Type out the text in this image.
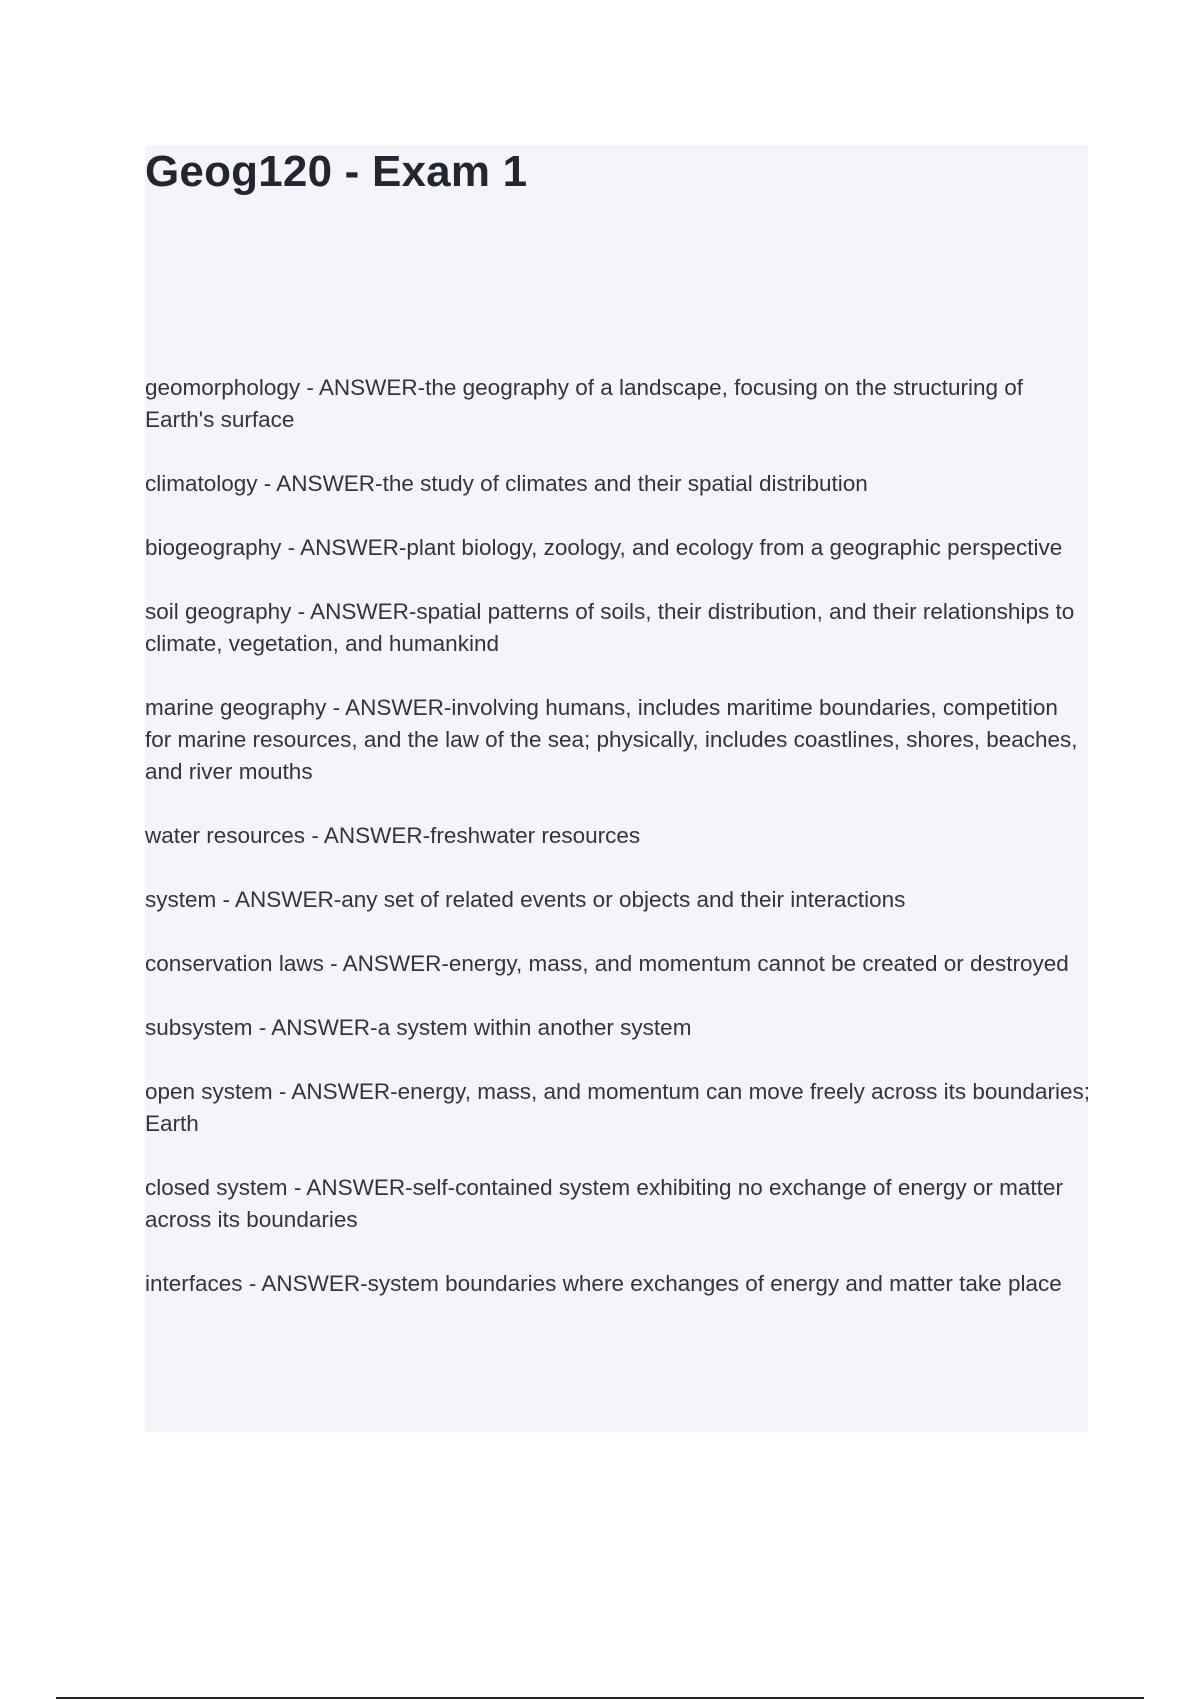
Geog120 - Exam 1
geomorphology - ANSWER-the geography of a landscape, focusing on the structuring of Earth's surface
climatology - ANSWER-the study of climates and their spatial distribution
biogeography - ANSWER-plant biology, zoology, and ecology from a geographic perspective
soil geography - ANSWER-spatial patterns of soils, their distribution, and their relationships to climate, vegetation, and humankind
marine geography - ANSWER-involving humans, includes maritime boundaries, competition for marine resources, and the law of the sea; physically, includes coastlines, shores, beaches, and river mouths
water resources - ANSWER-freshwater resources
system - ANSWER-any set of related events or objects and their interactions
conservation laws - ANSWER-energy, mass, and momentum cannot be created or destroyed
subsystem - ANSWER-a system within another system
open system - ANSWER-energy, mass, and momentum can move freely across its boundaries; Earth
closed system - ANSWER-self-contained system exhibiting no exchange of energy or matter across its boundaries
interfaces - ANSWER-system boundaries where exchanges of energy and matter take place
